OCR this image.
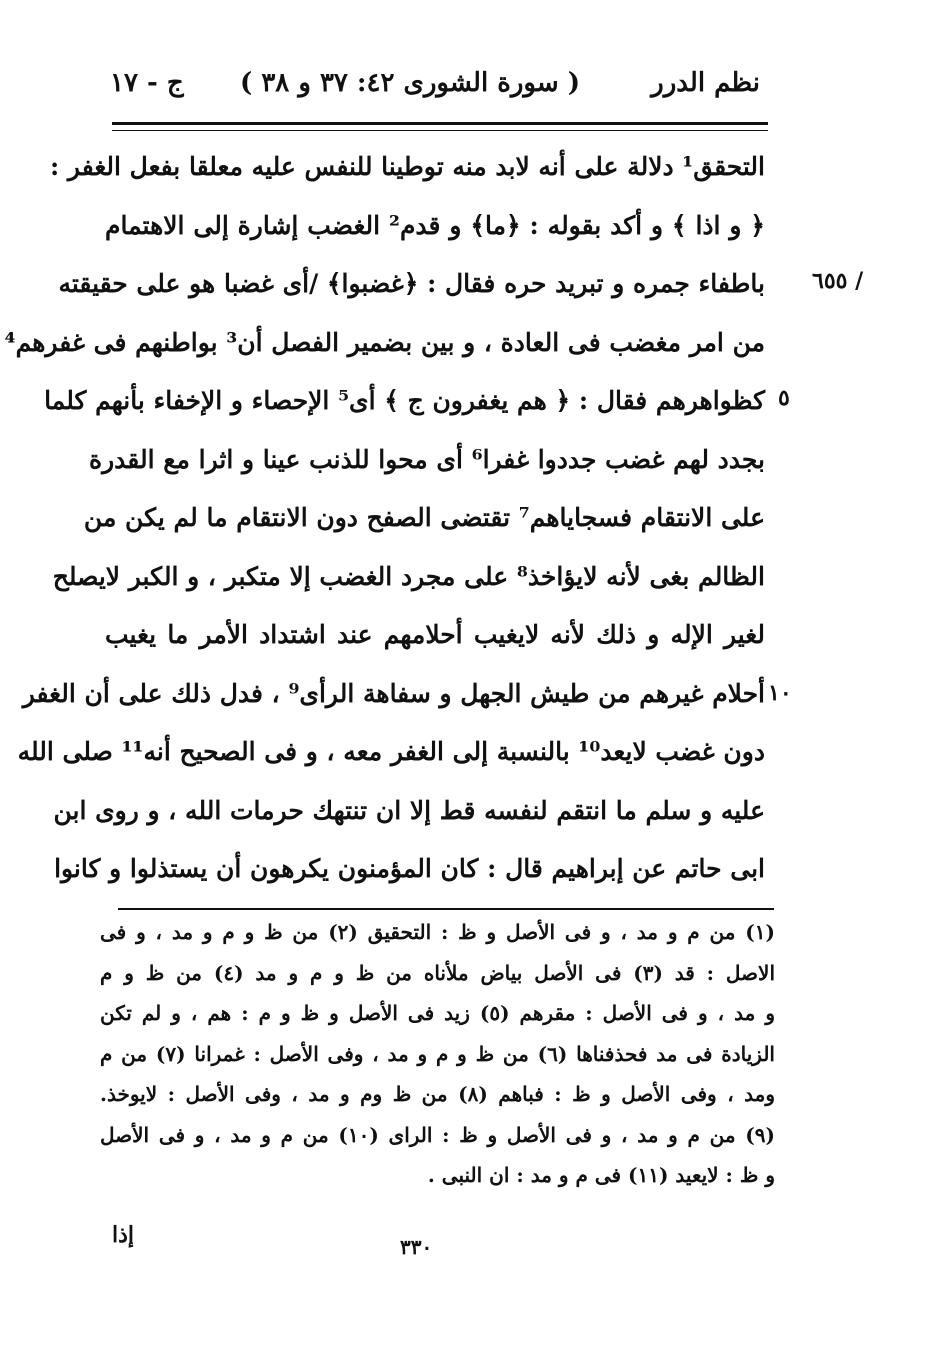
نظم الدرر
( سورة الشورى ٤٢: ٣٧ و ٣٨ )
ج - ١٧
٦٥٥ /
٥
١٠
التحقق¹ دلالة على أنه لابد منه توطينا للنفس عليه معلقا بفعل الغفر :
﴿ و اذا ﴾ و أكد بقوله : ﴿ما﴾ و قدم² الغضب إشارة إلى الاهتمام
باطفاء جمره و تبريد حره فقال : ﴿غضبوا﴾ /أى غضبا هو على حقيقته
من امر مغضب فى العادة ، و بين بضمير الفصل أن³ بواطنهم فى غفرهم⁴
كظواهرهم فقال : ﴿ هم يغفرون ج ﴾ أى⁵ الإحصاء و الإخفاء بأنهم كلما
بجدد لهم غضب جددوا غفرا⁶ أى محوا للذنب عينا و اثرا مع القدرة
على الانتقام فسجاياهم⁷ تقتضى الصفح دون الانتقام ما لم يكن من
الظالم بغى لأنه لايؤاخذ⁸ على مجرد الغضب إلا متكبر ، و الكبر لايصلح
لغير الإله و ذلك لأنه لايغيب أحلامهم عند اشتداد الأمر ما يغيب
أحلام غيرهم من طيش الجهل و سفاهة الرأى⁹ ، فدل ذلك على أن الغفر
دون غضب لايعد¹⁰ بالنسبة إلى الغفر معه ، و فى الصحيح أنه¹¹ صلى الله
عليه و سلم ما انتقم لنفسه قط إلا ان تنتهك حرمات الله ، و روى ابن
ابى حاتم عن إبراهيم قال : كان المؤمنون يكرهون أن يستذلوا و كانوا
(١) من م و مد ، و فى الأصل و ظ : التحقيق (٢) من ظ و م و مد ، و فى
الاصل : قد (٣) فى الأصل بياض ملأناه من ظ و م و مد (٤) من ظ و م
و مد ، و فى الأصل : مقرهم (٥) زيد فى الأصل و ظ و م : هم ، و لم تكن
الزيادة فى مد فحذفناها (٦) من ظ و م و مد ، وفى الأصل : غمرانا (٧) من م
ومد ، وفى الأصل و ظ : فباهم (٨) من ظ وم و مد ، وفى الأصل : لايوخذ.
(٩) من م و مد ، و فى الأصل و ظ : الراى (١٠) من م و مد ، و فى الأصل
و ظ : لايعيد (١١) فى م و مد : ان النبى .
إذا	٣٣٠
